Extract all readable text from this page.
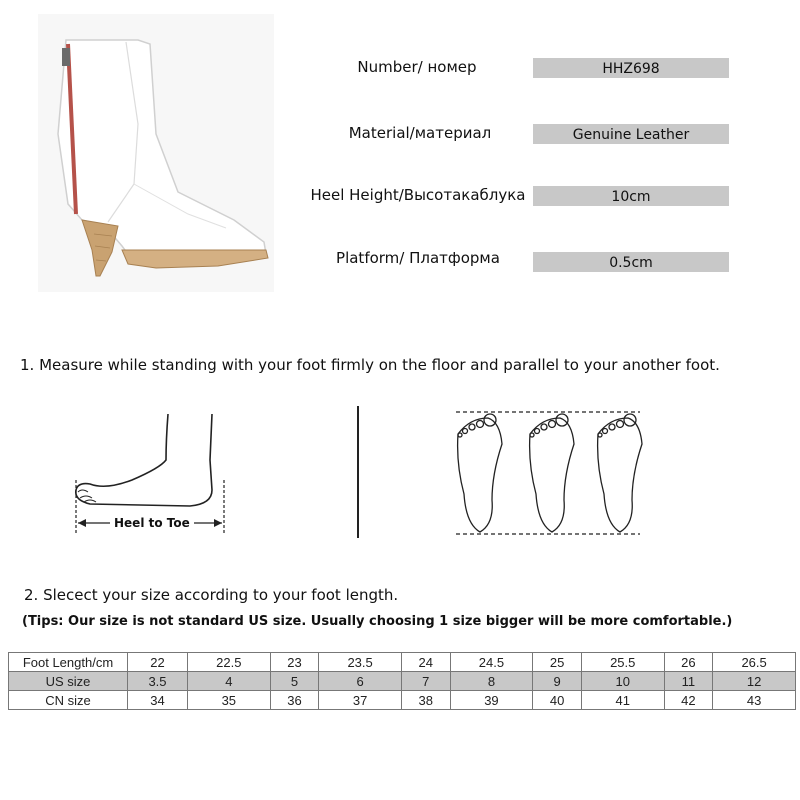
Number/ номер	HHZ698
Material/материал	Genuine Leather
Heel Height/Высотакаблука	10cm
Platform/ Платформа	0.5cm
1. Measure while standing with your foot firmly on the floor and parallel to your another foot.
Heel to Toe
2. Slecect your size according to your foot length.
(Tips: Our size is not standard US size. Usually choosing 1 size bigger will be more comfortable.)
Foot Length/cm	22	22.5	23	23.5	24	24.5	25	25.5	26	26.5
US size	3.5	4	5	6	7	8	9	10	11	12
CN size	34	35	36	37	38	39	40	41	42	43
